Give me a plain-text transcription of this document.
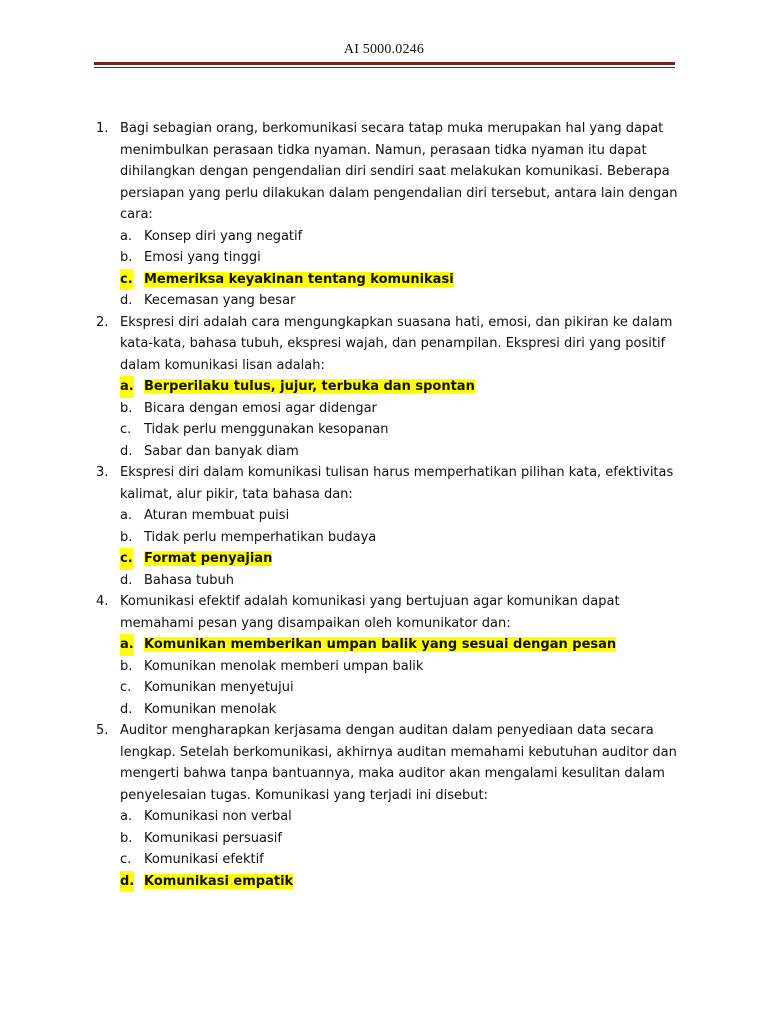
AI 5000.0246
1. Bagi sebagian orang, berkomunikasi secara tatap muka merupakan hal yang dapat menimbulkan perasaan tidka nyaman. Namun, perasaan tidka nyaman itu dapat dihilangkan dengan pengendalian diri sendiri saat melakukan komunikasi. Beberapa persiapan yang perlu dilakukan dalam pengendalian diri tersebut, antara lain dengan cara:
a. Konsep diri yang negatif
b. Emosi yang tinggi
c. Memeriksa keyakinan tentang komunikasi
d. Kecemasan yang besar
2. Ekspresi diri adalah cara mengungkapkan suasana hati, emosi, dan pikiran ke dalam kata-kata, bahasa tubuh, ekspresi wajah, dan penampilan. Ekspresi diri yang positif dalam komunikasi lisan adalah:
a. Berperilaku tulus, jujur, terbuka dan spontan
b. Bicara dengan emosi agar didengar
c. Tidak perlu menggunakan kesopanan
d. Sabar dan banyak diam
3. Ekspresi diri dalam komunikasi tulisan harus memperhatikan pilihan kata, efektivitas kalimat, alur pikir, tata bahasa dan:
a. Aturan membuat puisi
b. Tidak perlu memperhatikan budaya
c. Format penyajian
d. Bahasa tubuh
4. Komunikasi efektif adalah komunikasi yang bertujuan agar komunikan dapat memahami pesan yang disampaikan oleh komunikator dan:
a. Komunikan memberikan umpan balik yang sesuai dengan pesan
b. Komunikan menolak memberi umpan balik
c. Komunikan menyetujui
d. Komunikan menolak
5. Auditor mengharapkan kerjasama dengan auditan dalam penyediaan data secara lengkap. Setelah berkomunikasi, akhirnya auditan memahami kebutuhan auditor dan mengerti bahwa tanpa bantuannya, maka auditor akan mengalami kesulitan dalam penyelesaian tugas. Komunikasi yang terjadi ini disebut:
a. Komunikasi non verbal
b. Komunikasi persuasif
c. Komunikasi efektif
d. Komunikasi empatik
